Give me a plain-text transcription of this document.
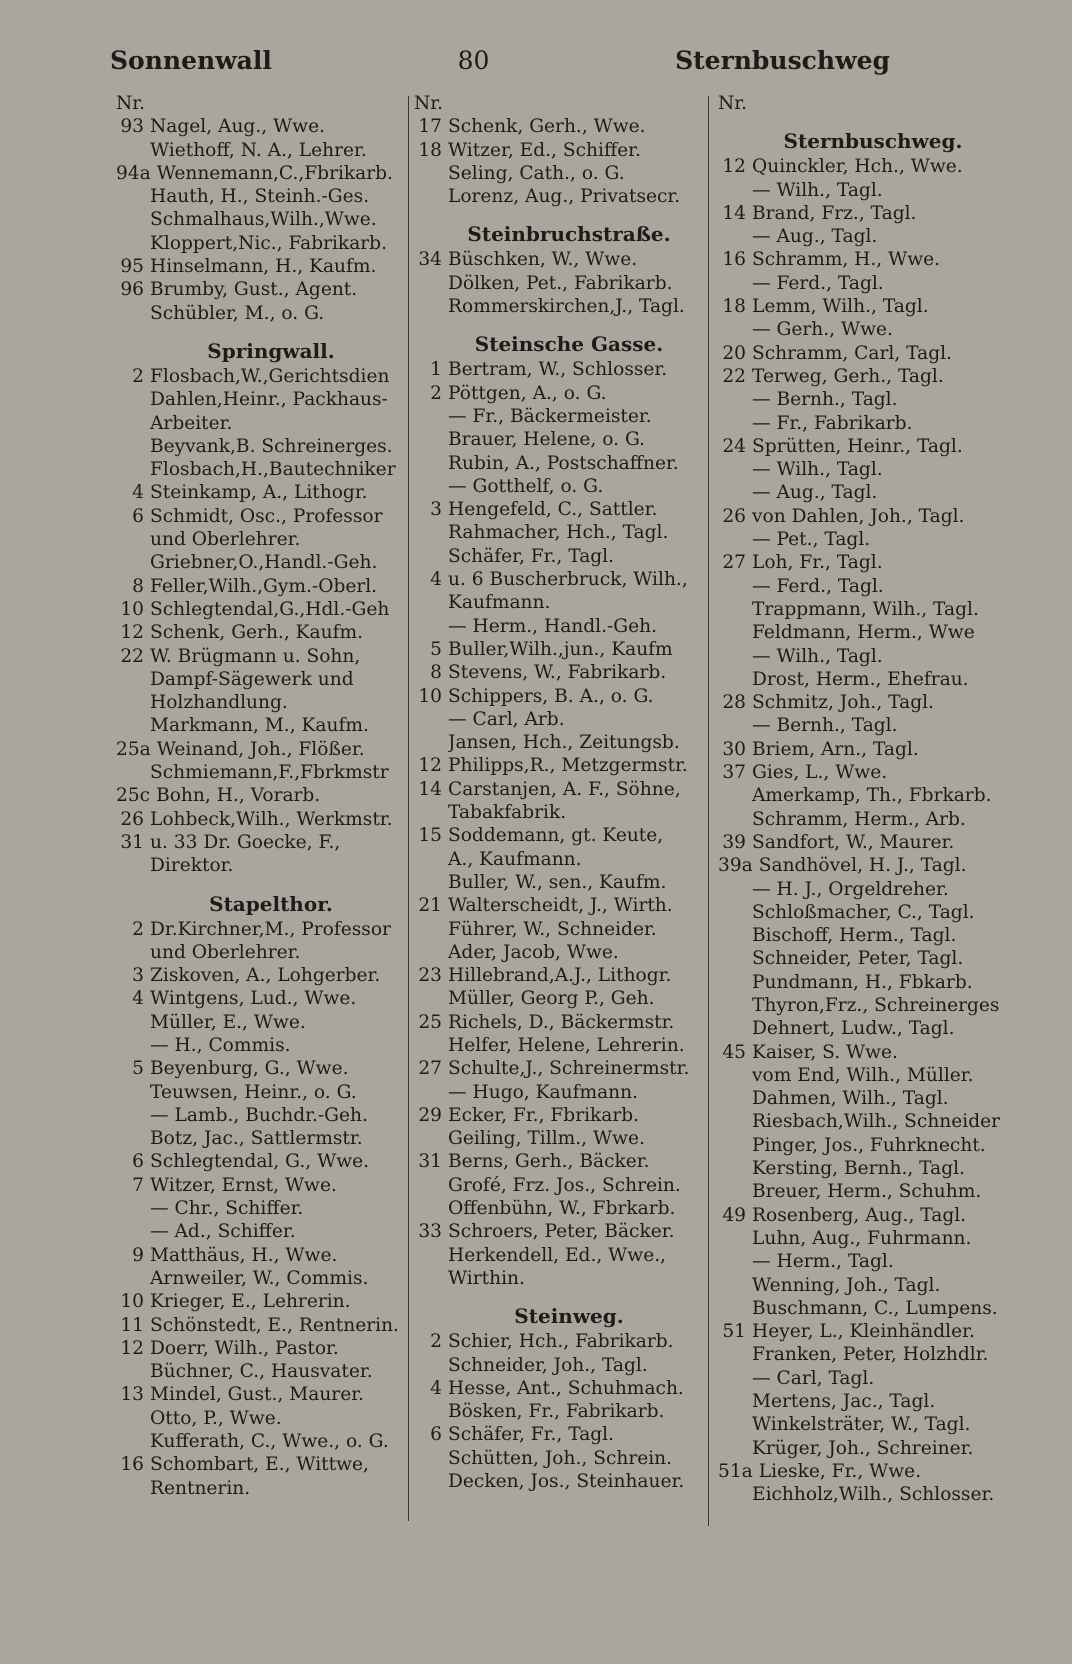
Sonnenwall	80	Sternbuschweg
Nr.
93 Nagel, Aug., Wwe.
Wiethoff, N. A., Lehrer.
94a Wennemann,C.,Fbrikarb.
Hauth, H., Steinh.-Ges.
Schmalhaus,Wilh.,Wwe.
Kloppert,Nic., Fabrikarb.
95 Hinselmann, H., Kaufm.
96 Brumby, Gust., Agent.
Schübler, M., o. G.
Springwall.
2 Flosbach,W.,Gerichtsdien
Dahlen,Heinr., Packhaus-
Arbeiter.
Beyvank,B. Schreinerges.
Flosbach,H.,Bautechniker
4 Steinkamp, A., Lithogr.
6 Schmidt, Osc., Professor
und Oberlehrer.
Griebner,O.,Handl.-Geh.
8 Feller,Wilh.,Gym.-Oberl.
10 Schlegtendal,G.,Hdl.-Geh
12 Schenk, Gerh., Kaufm.
22 W. Brügmann u. Sohn,
Dampf-Sägewerk und
Holzhandlung.
Markmann, M., Kaufm.
25a Weinand, Joh., Flößer.
Schmiemann,F.,Fbrkmstr
25c Bohn, H., Vorarb.
26 Lohbeck,Wilh., Werkmstr.
31 u. 33 Dr. Goecke, F.,
Direktor.
Stapelthor.
2 Dr.Kirchner,M., Professor
und Oberlehrer.
3 Ziskoven, A., Lohgerber.
4 Wintgens, Lud., Wwe.
Müller, E., Wwe.
— H., Commis.
5 Beyenburg, G., Wwe.
Teuwsen, Heinr., o. G.
— Lamb., Buchdr.-Geh.
Botz, Jac., Sattlermstr.
6 Schlegtendal, G., Wwe.
7 Witzer, Ernst, Wwe.
— Chr., Schiffer.
— Ad., Schiffer.
9 Matthäus, H., Wwe.
Arnweiler, W., Commis.
10 Krieger, E., Lehrerin.
11 Schönstedt, E., Rentnerin.
12 Doerr, Wilh., Pastor.
Büchner, C., Hausvater.
13 Mindel, Gust., Maurer.
Otto, P., Wwe.
Kufferath, C., Wwe., o. G.
16 Schombart, E., Wittwe,
Rentnerin.
Nr.
17 Schenk, Gerh., Wwe.
18 Witzer, Ed., Schiffer.
Seling, Cath., o. G.
Lorenz, Aug., Privatsecr.
Steinbruchstraße.
34 Büschken, W., Wwe.
Dölken, Pet., Fabrikarb.
Rommerskirchen,J., Tagl.
Steinsche Gasse.
1 Bertram, W., Schlosser.
2 Pöttgen, A., o. G.
— Fr., Bäckermeister.
Brauer, Helene, o. G.
Rubin, A., Postschaffner.
— Gotthelf, o. G.
3 Hengefeld, C., Sattler.
Rahmacher, Hch., Tagl.
Schäfer, Fr., Tagl.
4 u. 6 Buscherbruck, Wilh.,
Kaufmann.
— Herm., Handl.-Geh.
5 Buller,Wilh.,jun., Kaufm
8 Stevens, W., Fabrikarb.
10 Schippers, B. A., o. G.
— Carl, Arb.
Jansen, Hch., Zeitungsb.
12 Philipps,R., Metzgermstr.
14 Carstanjen, A. F., Söhne,
Tabakfabrik.
15 Soddemann, gt. Keute,
A., Kaufmann.
Buller, W., sen., Kaufm.
21 Walterscheidt, J., Wirth.
Führer, W., Schneider.
Ader, Jacob, Wwe.
23 Hillebrand,A.J., Lithogr.
Müller, Georg P., Geh.
25 Richels, D., Bäckermstr.
Helfer, Helene, Lehrerin.
27 Schulte,J., Schreinermstr.
— Hugo, Kaufmann.
29 Ecker, Fr., Fbrikarb.
Geiling, Tillm., Wwe.
31 Berns, Gerh., Bäcker.
Grofé, Frz. Jos., Schrein.
Offenbühn, W., Fbrkarb.
33 Schroers, Peter, Bäcker.
Herkendell, Ed., Wwe.,
Wirthin.
Steinweg.
2 Schier, Hch., Fabrikarb.
Schneider, Joh., Tagl.
4 Hesse, Ant., Schuhmach.
Bösken, Fr., Fabrikarb.
6 Schäfer, Fr., Tagl.
Schütten, Joh., Schrein.
Decken, Jos., Steinhauer.
Nr.
Sternbuschweg.
12 Quinckler, Hch., Wwe.
— Wilh., Tagl.
14 Brand, Frz., Tagl.
— Aug., Tagl.
16 Schramm, H., Wwe.
— Ferd., Tagl.
18 Lemm, Wilh., Tagl.
— Gerh., Wwe.
20 Schramm, Carl, Tagl.
22 Terweg, Gerh., Tagl.
— Bernh., Tagl.
— Fr., Fabrikarb.
24 Sprütten, Heinr., Tagl.
— Wilh., Tagl.
— Aug., Tagl.
26 von Dahlen, Joh., Tagl.
— Pet., Tagl.
27 Loh, Fr., Tagl.
— Ferd., Tagl.
Trappmann, Wilh., Tagl.
Feldmann, Herm., Wwe
— Wilh., Tagl.
Drost, Herm., Ehefrau.
28 Schmitz, Joh., Tagl.
— Bernh., Tagl.
30 Briem, Arn., Tagl.
37 Gies, L., Wwe.
Amerkamp, Th., Fbrkarb.
Schramm, Herm., Arb.
39 Sandfort, W., Maurer.
39a Sandhövel, H. J., Tagl.
— H. J., Orgeldreher.
Schloßmacher, C., Tagl.
Bischoff, Herm., Tagl.
Schneider, Peter, Tagl.
Pundmann, H., Fbkarb.
Thyron,Frz., Schreinerges
Dehnert, Ludw., Tagl.
45 Kaiser, S. Wwe.
vom End, Wilh., Müller.
Dahmen, Wilh., Tagl.
Riesbach,Wilh., Schneider
Pinger, Jos., Fuhrknecht.
Kersting, Bernh., Tagl.
Breuer, Herm., Schuhm.
49 Rosenberg, Aug., Tagl.
Luhn, Aug., Fuhrmann.
— Herm., Tagl.
Wenning, Joh., Tagl.
Buschmann, C., Lumpens.
51 Heyer, L., Kleinhändler.
Franken, Peter, Holzhdlr.
— Carl, Tagl.
Mertens, Jac., Tagl.
Winkelsträter, W., Tagl.
Krüger, Joh., Schreiner.
51a Lieske, Fr., Wwe.
Eichholz,Wilh., Schlosser.
